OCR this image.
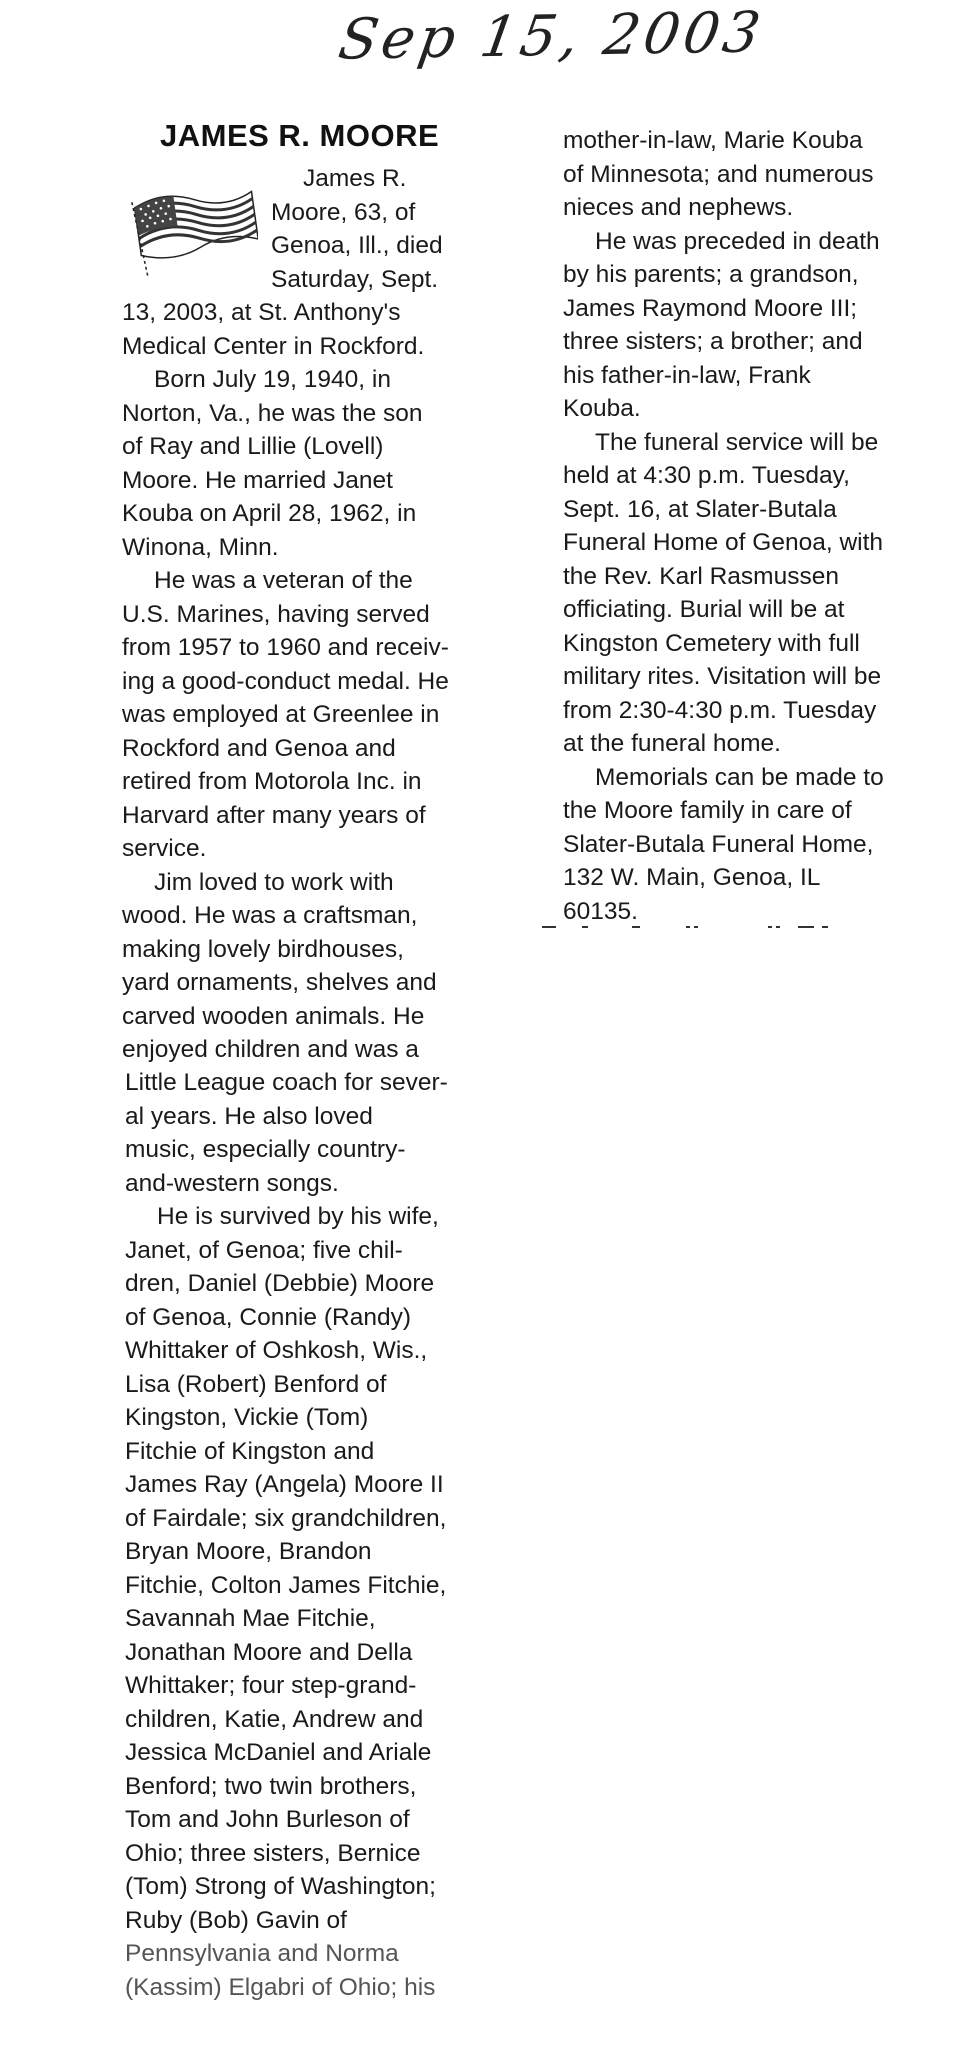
Sep 15, 2003
JAMES R. MOORE
James R.
Moore, 63, of
Genoa, Ill., died
Saturday, Sept.

13, 2003, at St. Anthony's

Medical Center in Rockford.

Born July 19, 1940, in

Norton, Va., he was the son

of Ray and Lillie (Lovell)

Moore. He married Janet

Kouba on April 28, 1962, in

Winona, Minn.

He was a veteran of the

U.S. Marines, having served

from 1957 to 1960 and receiv-

ing a good-conduct medal. He

was employed at Greenlee in

Rockford and Genoa and

retired from Motorola Inc. in

Harvard after many years of

service.

Jim loved to work with

wood. He was a craftsman,

making lovely birdhouses,

yard ornaments, shelves and

carved wooden animals. He

enjoyed children and was a

Little League coach for sever-

al years. He also loved

music, especially country-

and-western songs.

He is survived by his wife,

Janet, of Genoa; five chil-

dren, Daniel (Debbie) Moore

of Genoa, Connie (Randy)

Whittaker of Oshkosh, Wis.,

Lisa (Robert) Benford of

Kingston, Vickie (Tom)

Fitchie of Kingston and

James Ray (Angela) Moore II

of Fairdale; six grandchildren,

Bryan Moore, Brandon

Fitchie, Colton James Fitchie,

Savannah Mae Fitchie,

Jonathan Moore and Della

Whittaker; four step-grand-

children, Katie, Andrew and

Jessica McDaniel and Ariale

Benford; two twin brothers,

Tom and John Burleson of

Ohio; three sisters, Bernice

(Tom) Strong of Washington;

Ruby (Bob) Gavin of

Pennsylvania and Norma

(Kassim) Elgabri of Ohio; his

mother-in-law, Marie Kouba

of Minnesota; and numerous

nieces and nephews.

He was preceded in death

by his parents; a grandson,

James Raymond Moore III;

three sisters; a brother; and

his father-in-law, Frank

Kouba.

The funeral service will be

held at 4:30 p.m. Tuesday,

Sept. 16, at Slater-Butala

Funeral Home of Genoa, with

the Rev. Karl Rasmussen

officiating. Burial will be at

Kingston Cemetery with full

military rites. Visitation will be

from 2:30-4:30 p.m. Tuesday

at the funeral home.

Memorials can be made to

the Moore family in care of

Slater-Butala Funeral Home,

132 W. Main, Genoa, IL

60135.
